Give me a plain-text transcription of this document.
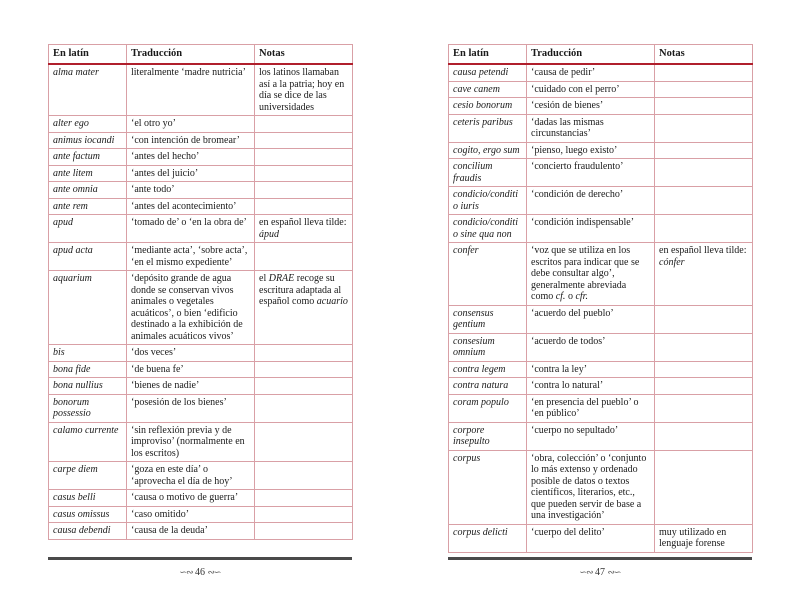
En latín	Traducción	Notas
alma mater	literalmente ‘madre nutricia’	los latinos llamaban así a la patria; hoy en día se dice de las universidades
alter ego	‘el otro yo’	
animus iocandi	‘con intención de bromear’	
ante factum	‘antes del hecho’	
ante litem	‘antes del juicio’	
ante omnia	‘ante todo’	
ante rem	‘antes del acontecimiento’	
apud	‘tomado de’ o ‘en la obra de’	en español lleva tilde: ápud
apud acta	‘mediante acta’, ‘sobre acta’, ‘en el mismo expediente’	
aquarium	‘depósito grande de agua donde se conservan vivos animales o vegetales acuáticos’, o bien ‘edificio destinado a la exhibición de animales acuáticos vivos’	el DRAE recoge su escritura adaptada al español como acuario
bis	‘dos veces’	
bona fide	‘de buena fe’	
bona nullius	‘bienes de nadie’	
bonorum possessio	‘posesión de los bienes’	
calamo currente	‘sin reflexión previa y de improviso’ (normalmente en los escritos)	
carpe diem	‘goza en este día’ o ‘aprovecha el día de hoy’	
casus belli	‘causa o motivo de guerra’	
casus omissus	‘caso omitido’	
causa debendi	‘causa de la deuda’	
En latín	Traducción	Notas
causa petendi	‘causa de pedir’	
cave canem	‘cuidado con el perro’	
cesio bonorum	‘cesión de bienes’	
ceteris paribus	‘dadas las mismas circunstancias’	
cogito, ergo sum	‘pienso, luego existo’	
concilium fraudis	‘concierto fraudulento’	
condicio/conditio iuris	‘condición de derecho’	
condicio/conditio sine qua non	‘condición indispensable’	
confer	‘voz que se utiliza en los escritos para indicar que se debe consultar algo’, generalmente abreviada como cf. o cfr.	en español lleva tilde: cónfer
consensus gentium	‘acuerdo del pueblo’	
consesium omnium	‘acuerdo de todos’	
contra legem	‘contra la ley’	
contra natura	‘contra lo natural’	
coram populo	‘en presencia del pueblo’ o ‘en público’	
corpore insepulto	‘cuerpo no sepultado’	
corpus	‘obra, colección’ o ‘conjunto lo más extenso y ordenado posible de datos o textos científicos, literarios, etc., que pueden servir de base a una investigación’	
corpus delicti	‘cuerpo del delito’	muy utilizado en lenguaje forense
∽∾ 46 ∾∽	∽∾ 47 ∾∽
